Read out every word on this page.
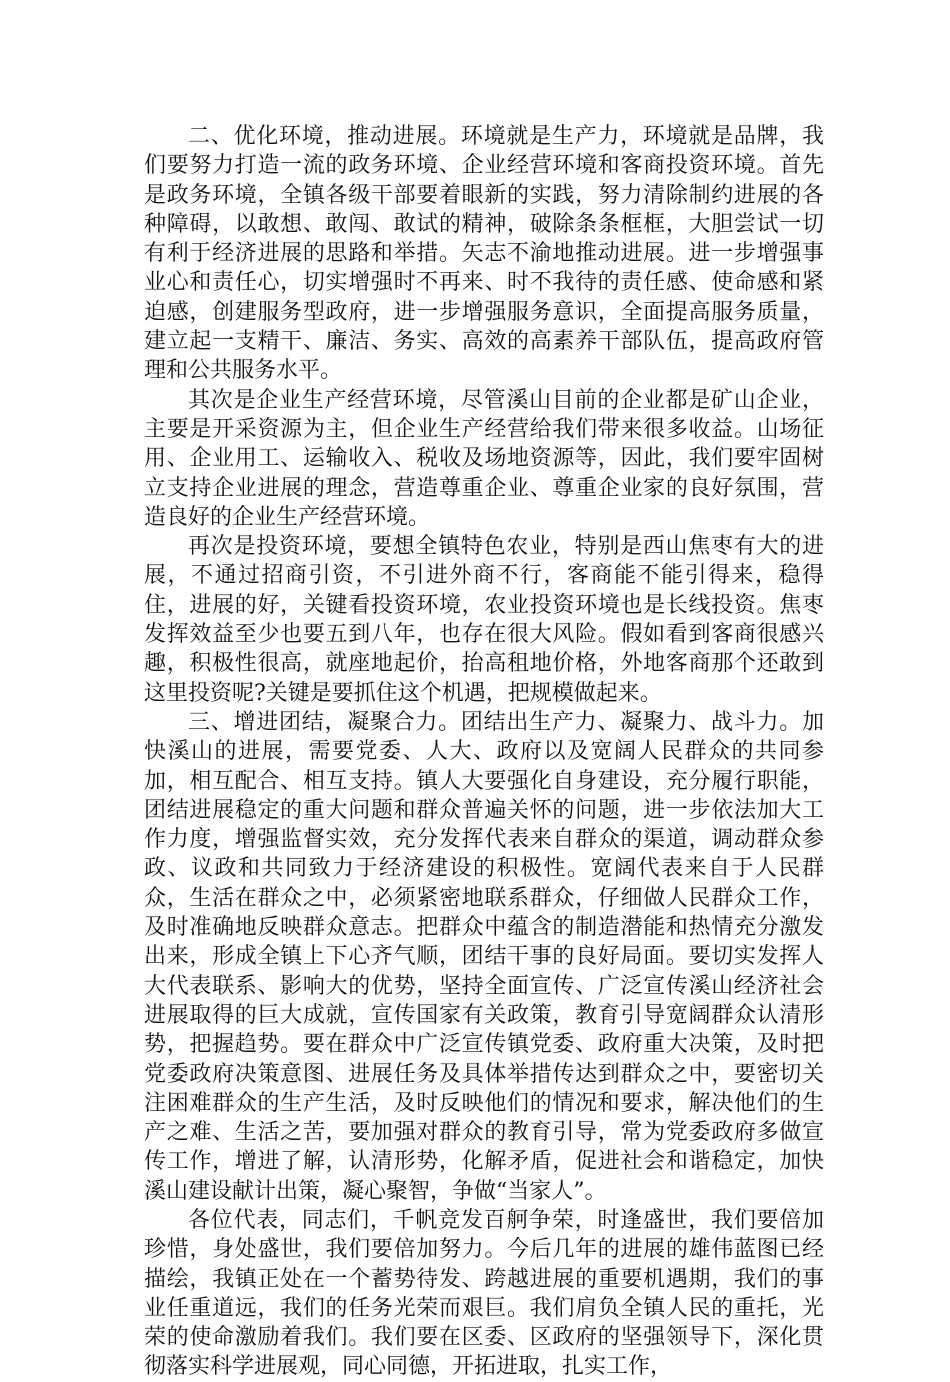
二、优化环境，推动进展。环境就是生产力，环境就是品牌，我们要努力打造一流的政务环境、企业经营环境和客商投资环境。首先是政务环境，全镇各级干部要着眼新的实践，努力清除制约进展的各种障碍，以敢想、敢闯、敢试的精神，破除条条框框，大胆尝试一切有利于经济进展的思路和举措。矢志不渝地推动进展。进一步增强事业心和责任心，切实增强时不再来、时不我待的责任感、使命感和紧迫感，创建服务型政府，进一步增强服务意识，全面提高服务质量，建立起一支精干、廉洁、务实、高效的高素养干部队伍，提高政府管理和公共服务水平。

其次是企业生产经营环境，尽管溪山目前的企业都是矿山企业，主要是开采资源为主，但企业生产经营给我们带来很多收益。山场征用、企业用工、运输收入、税收及场地资源等，因此，我们要牢固树立支持企业进展的理念，营造尊重企业、尊重企业家的良好氛围，营造良好的企业生产经营环境。

再次是投资环境，要想全镇特色农业，特别是西山焦枣有大的进展，不通过招商引资，不引进外商不行，客商能不能引得来，稳得住，进展的好，关键看投资环境，农业投资环境也是长线投资。焦枣发挥效益至少也要五到八年，也存在很大风险。假如看到客商很感兴趣，积极性很高，就座地起价，抬高租地价格，外地客商那个还敢到这里投资呢?关键是要抓住这个机遇，把规模做起来。

三、增进团结，凝聚合力。团结出生产力、凝聚力、战斗力。加快溪山的进展，需要党委、人大、政府以及宽阔人民群众的共同参加，相互配合、相互支持。镇人大要强化自身建设，充分履行职能，团结进展稳定的重大问题和群众普遍关怀的问题，进一步依法加大工作力度，增强监督实效，充分发挥代表来自群众的渠道，调动群众参政、议政和共同致力于经济建设的积极性。宽阔代表来自于人民群众，生活在群众之中，必须紧密地联系群众，仔细做人民群众工作，及时准确地反映群众意志。把群众中蕴含的制造潜能和热情充分激发出来，形成全镇上下心齐气顺，团结干事的良好局面。要切实发挥人大代表联系、影响大的优势，坚持全面宣传、广泛宣传溪山经济社会进展取得的巨大成就，宣传国家有关政策，教育引导宽阔群众认清形势，把握趋势。要在群众中广泛宣传镇党委、政府重大决策，及时把党委政府决策意图、进展任务及具体举措传达到群众之中，要密切关注困难群众的生产生活，及时反映他们的情况和要求，解决他们的生产之难、生活之苦，要加强对群众的教育引导，常为党委政府多做宣传工作，增进了解，认清形势，化解矛盾，促进社会和谐稳定，加快溪山建设献计出策，凝心聚智，争做“当家人”。

各位代表，同志们，千帆竞发百舸争荣，时逢盛世，我们要倍加珍惜，身处盛世，我们要倍加努力。今后几年的进展的雄伟蓝图已经描绘，我镇正处在一个蓄势待发、跨越进展的重要机遇期，我们的事业任重道远，我们的任务光荣而艰巨。我们肩负全镇人民的重托，光荣的使命激励着我们。我们要在区委、区政府的坚强领导下，深化贯彻落实科学进展观，同心同德，开拓进取，扎实工作，
